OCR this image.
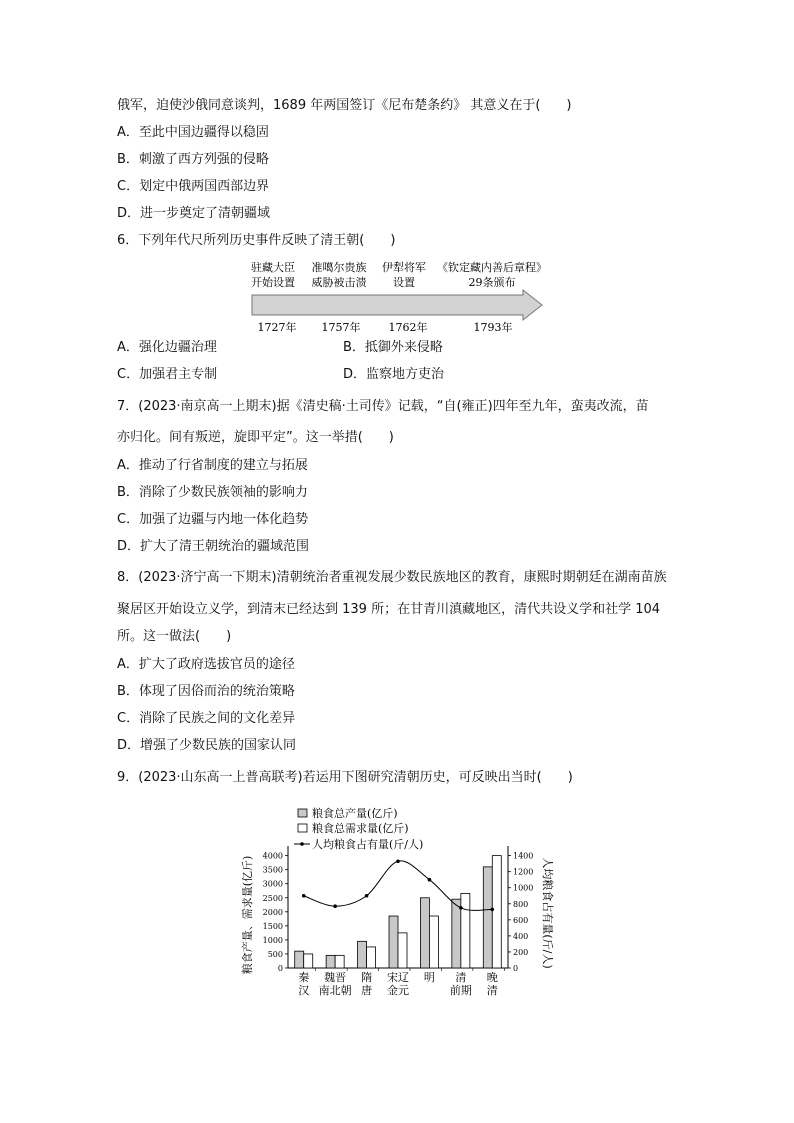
俄军，迫使沙俄同意谈判，1689 年两国签订《尼布楚条约》 其意义在于(　　)
A．至此中国边疆得以稳固
B．刺激了西方列强的侵略
C．划定中俄两国西部边界
D．进一步奠定了清朝疆域
6．下列年代尺所列历史事件反映了清王朝(　　)
驻藏大臣
开始设置
准噶尔贵族
威胁被击溃
伊犁将军
设置
《钦定藏内善后章程》
29条颁布
1727年 1757年	1762年	1793年
A．强化边疆治理	B．抵御外来侵略
C．加强君主专制	D．监察地方吏治
7．(2023·南京高一上期末)据《清史稿·土司传》记载，“自(雍正)四年至九年，蛮夷改流，苗
亦归化。间有叛逆，旋即平定”。这一举措(　　)
A．推动了行省制度的建立与拓展
B．消除了少数民族领袖的影响力
C．加强了边疆与内地一体化趋势
D．扩大了清王朝统治的疆域范围
8．(2023·济宁高一下期末)清朝统治者重视发展少数民族地区的教育，康熙时期朝廷在湖南苗族
聚居区开始设立义学，到清末已经达到 139 所；在甘青川滇藏地区，清代共设义学和社学 104
所。这一做法(　　)
A．扩大了政府选拔官员的途径
B．体现了因俗而治的统治策略
C．消除了民族之间的文化差异
D．增强了少数民族的国家认同
9．(2023·山东高一上普高联考)若运用下图研究清朝历史，可反映出当时(　　)
粮食总产量(亿斤)
粮食总需求量(亿斤)
人均粮食占有量(斤/人)
0
500
1000
1500
2000
2500
3000
3500
4000
0
200
400
600
800
1000
1200
1400
粮食产量、需求量(亿斤)	人均粮食占有量(斤/人)
秦
汉
魏晋
南北朝
隋
唐
宋辽
金元
明 清
前期
晚
清
